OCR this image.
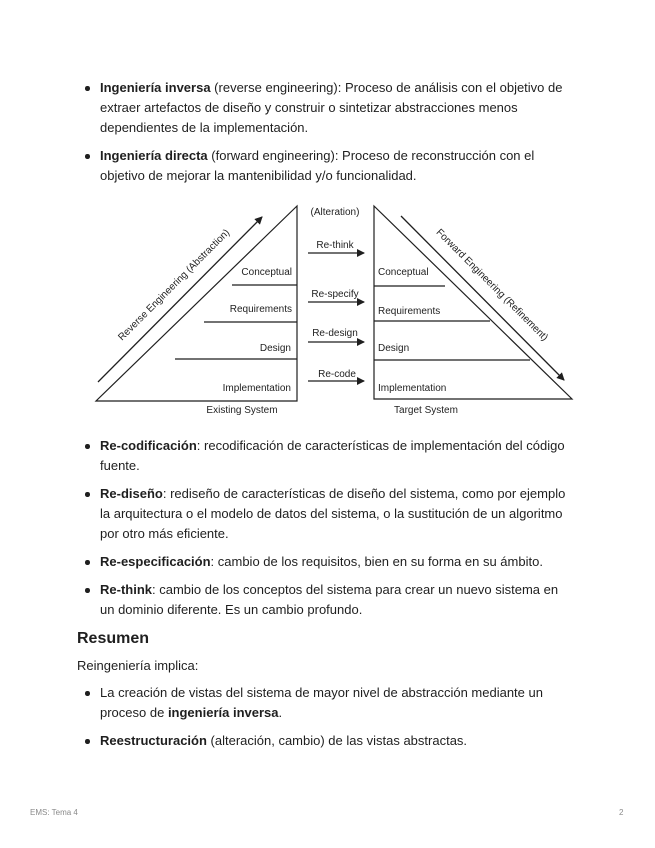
Ingeniería inversa (reverse engineering): Proceso de análisis con el objetivo de extraer artefactos de diseño y construir o sintetizar abstracciones menos dependientes de la implementación.
Ingeniería directa (forward engineering): Proceso de reconstrucción con el objetivo de mejorar la mantenibilidad y/o funcionalidad.
(Alteration)
Re-think
Re-specify
Re-design
Re-code
Conceptual
Requirements
Design
Implementation
Conceptual
Requirements
Design
Implementation
Reverse Engineering (Abstraction)	Forward Engineering (Refinement)
Existing System	Target System
Re-codificación: recodificación de características de implementación del código fuente.
Re-diseño: rediseño de características de diseño del sistema, como por ejemplo la arquitectura o el modelo de datos del sistema, o la sustitución de un algoritmo por otro más eficiente.
Re-especificación: cambio de los requisitos, bien en su forma en su ámbito.
Re-think: cambio de los conceptos del sistema para crear un nuevo sistema en un dominio diferente. Es un cambio profundo.
Resumen

Reingeniería implica:

La creación de vistas del sistema de mayor nivel de abstracción mediante un proceso de ingeniería inversa.
Reestructuración (alteración, cambio) de las vistas abstractas.
EMS: Tema 4	2
